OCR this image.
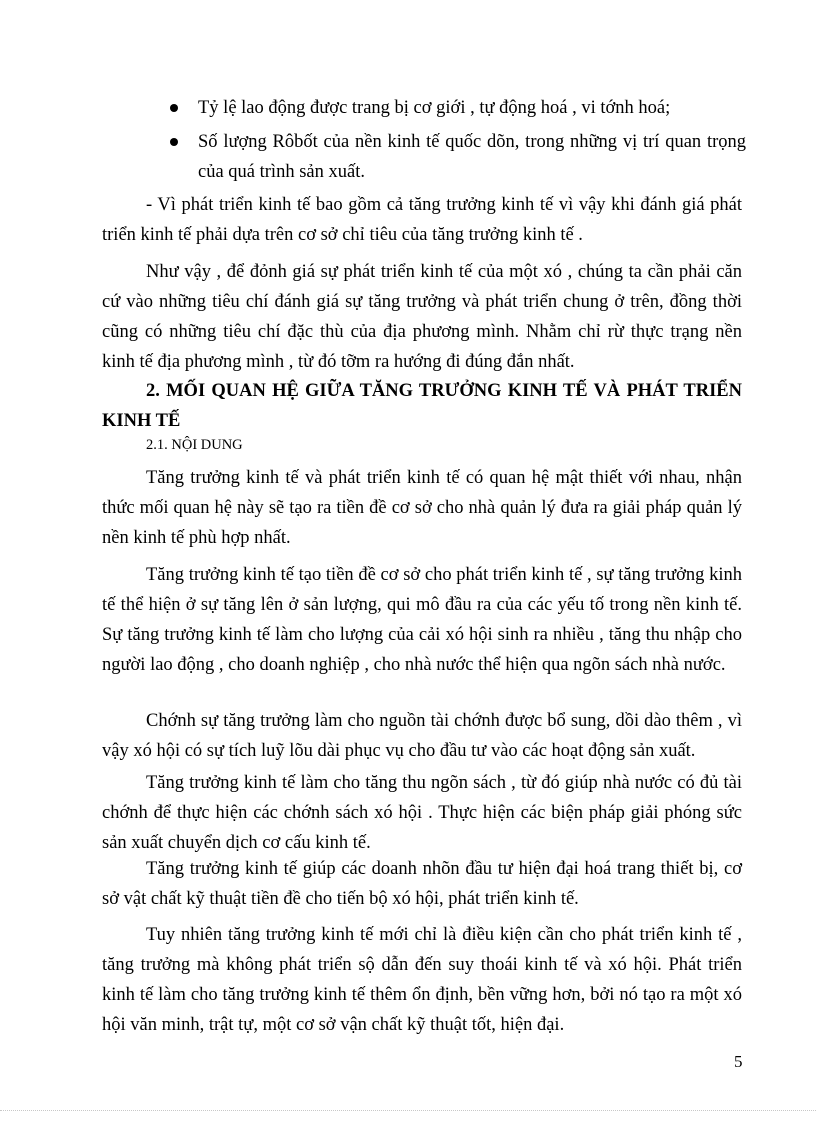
Tỷ lệ lao động được trang bị cơ giới , tự động hoá , vi tớnh hoá;
Số lượng Rôbốt của nền kinh tế quốc dõn, trong những vị trí quan trọng của quá trình sản xuất.

- Vì phát triển kinh tế bao gồm cả tăng trưởng kinh tế vì vậy khi đánh giá phát triển kinh tế phải dựa trên cơ sở chỉ tiêu của tăng trưởng kinh tế .

Như vậy , để đỏnh giá sự phát triển kinh tế của một xó , chúng ta cần phải căn cứ vào những tiêu chí đánh giá sự tăng trưởng và phát triển chung ở trên, đồng thời cũng có những tiêu chí đặc thù của địa phương mình. Nhằm chỉ rừ thực trạng nền kinh tế địa phương mình , từ đó tỡm ra hướng đi đúng đắn nhất.

2. MỐI QUAN HỆ GIỮA TĂNG TRƯỞNG KINH TẾ VÀ PHÁT TRIỂN KINH TẾ
2.1. NỘI DUNG

Tăng trưởng kinh tế và phát triển kinh tế có quan hệ mật thiết với nhau, nhận thức mối quan hệ này sẽ tạo ra tiền đề cơ sở cho nhà quản lý đưa ra giải pháp quản lý nền kinh tế phù hợp nhất.

Tăng trưởng kinh tế tạo tiền đề cơ sở cho phát triển kinh tế , sự tăng trưởng kinh tế thể hiện ở sự tăng lên ở sản lượng, qui mô đầu ra của các yếu tố trong nền kinh tế. Sự tăng trưởng kinh tế làm cho lượng của cải xó hội sinh ra nhiều , tăng thu nhập cho người lao động , cho doanh nghiệp , cho nhà nước thể hiện qua ngõn sách nhà nước.

Chớnh sự tăng trưởng làm cho nguồn tài chớnh được bổ sung, dồi dào thêm , vì vậy xó hội có sự tích luỹ lõu dài phục vụ cho đầu tư vào các hoạt động sản xuất.

Tăng trưởng kinh tế làm cho tăng thu ngõn sách , từ đó giúp nhà nước có đủ tài chớnh để thực hiện các chớnh sách xó hội . Thực hiện các biện pháp giải phóng sức sản xuất chuyển dịch cơ cấu kinh tế.

Tăng trưởng kinh tế giúp các doanh nhõn đầu tư hiện đại hoá trang thiết bị, cơ sở vật chất kỹ thuật tiền đề cho tiến bộ xó hội, phát triển kinh tế.

Tuy nhiên tăng trưởng kinh tế mới chỉ là điều kiện cần cho phát triển kinh tế , tăng trưởng mà không phát triển sộ dẫn đến suy thoái kinh tế và xó hội. Phát triển kinh tế làm cho tăng trưởng kinh tế thêm ổn định, bền vững hơn, bởi nó tạo ra một xó hội văn minh, trật tự, một cơ sở vận chất kỹ thuật tốt, hiện đại.

5
